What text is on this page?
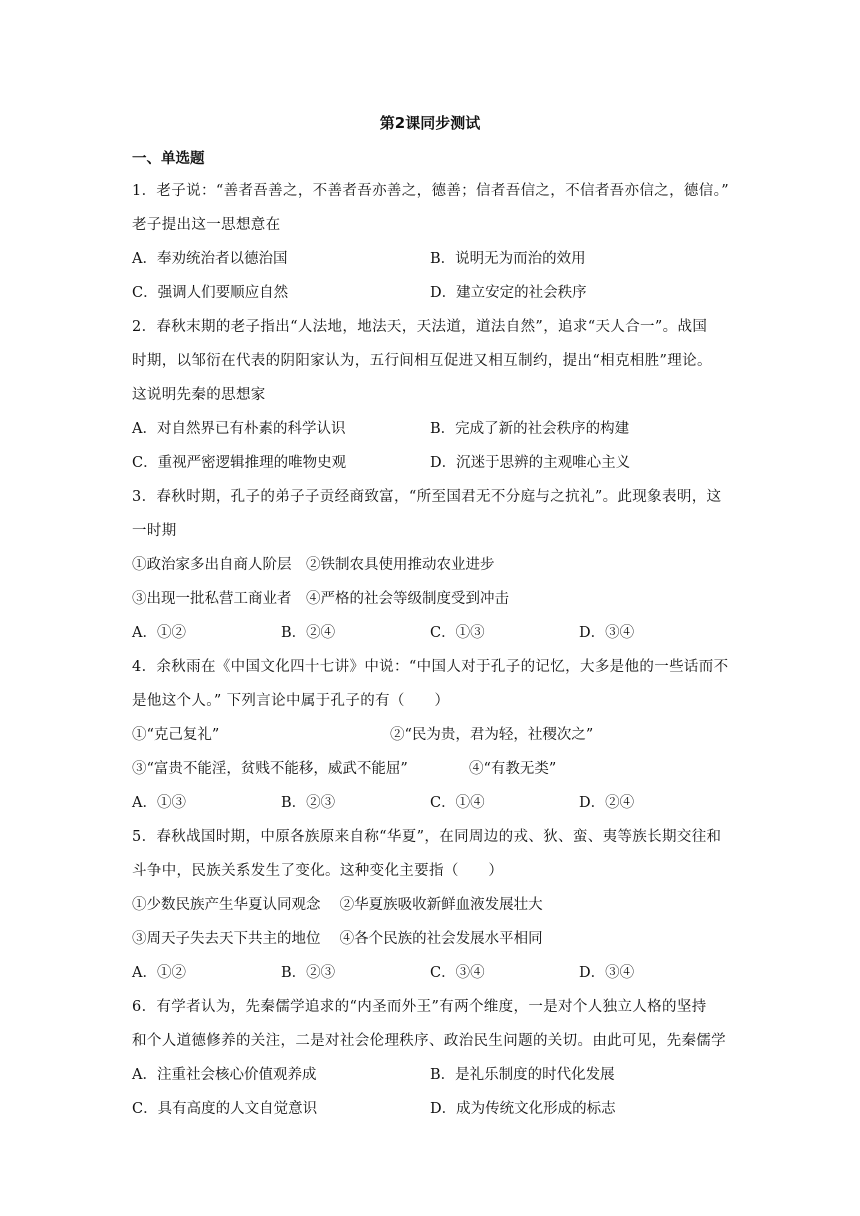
第2课同步测试
一、单选题
1．老子说：“善者吾善之，不善者吾亦善之，德善；信者吾信之，不信者吾亦信之，德信。”
老子提出这一思想意在
A．奉劝统治者以德治国	B．说明无为而治的效用
C．强调人们要顺应自然	D．建立安定的社会秩序
2．春秋末期的老子指出“人法地，地法天，天法道，道法自然”，追求“天人合一”。战国
时期，以邹衍在代表的阴阳家认为，五行间相互促进又相互制约，提出“相克相胜”理论。
这说明先秦的思想家
A．对自然界已有朴素的科学认识	B．完成了新的社会秩序的构建
C．重视严密逻辑推理的唯物史观	D．沉迷于思辨的主观唯心主义
3．春秋时期，孔子的弟子子贡经商致富，“所至国君无不分庭与之抗礼”。此现象表明，这
一时期
①政治家多出自商人阶层　②铁制农具使用推动农业进步
③出现一批私营工商业者　④严格的社会等级制度受到冲击
A．①②	B．②④	C．①③	D．③④
4．余秋雨在《中国文化四十七讲》中说：“中国人对于孔子的记忆，大多是他的一些话而不
是他这个人。” 下列言论中属于孔子的有（　　）
①“克己复礼”	②“民为贵，君为轻，社稷次之”
③“富贵不能淫，贫贱不能移，威武不能屈”	④“有教无类”
A．①③	B．②③	C．①④	D．②④
5．春秋战国时期，中原各族原来自称“华夏”，在同周边的戎、狄、蛮、夷等族长期交往和
斗争中，民族关系发生了变化。这种变化主要指（　　）
①少数民族产生华夏认同观念　 ②华夏族吸收新鲜血液发展壮大
③周天子失去天下共主的地位　 ④各个民族的社会发展水平相同
A．①②	B．②③	C．③④	D．③④
6．有学者认为，先秦儒学追求的“内圣而外王”有两个维度，一是对个人独立人格的坚持
和个人道德修养的关注，二是对社会伦理秩序、政治民生问题的关切。由此可见，先秦儒学
A．注重社会核心价值观养成	B．是礼乐制度的时代化发展
C．具有高度的人文自觉意识	D．成为传统文化形成的标志
